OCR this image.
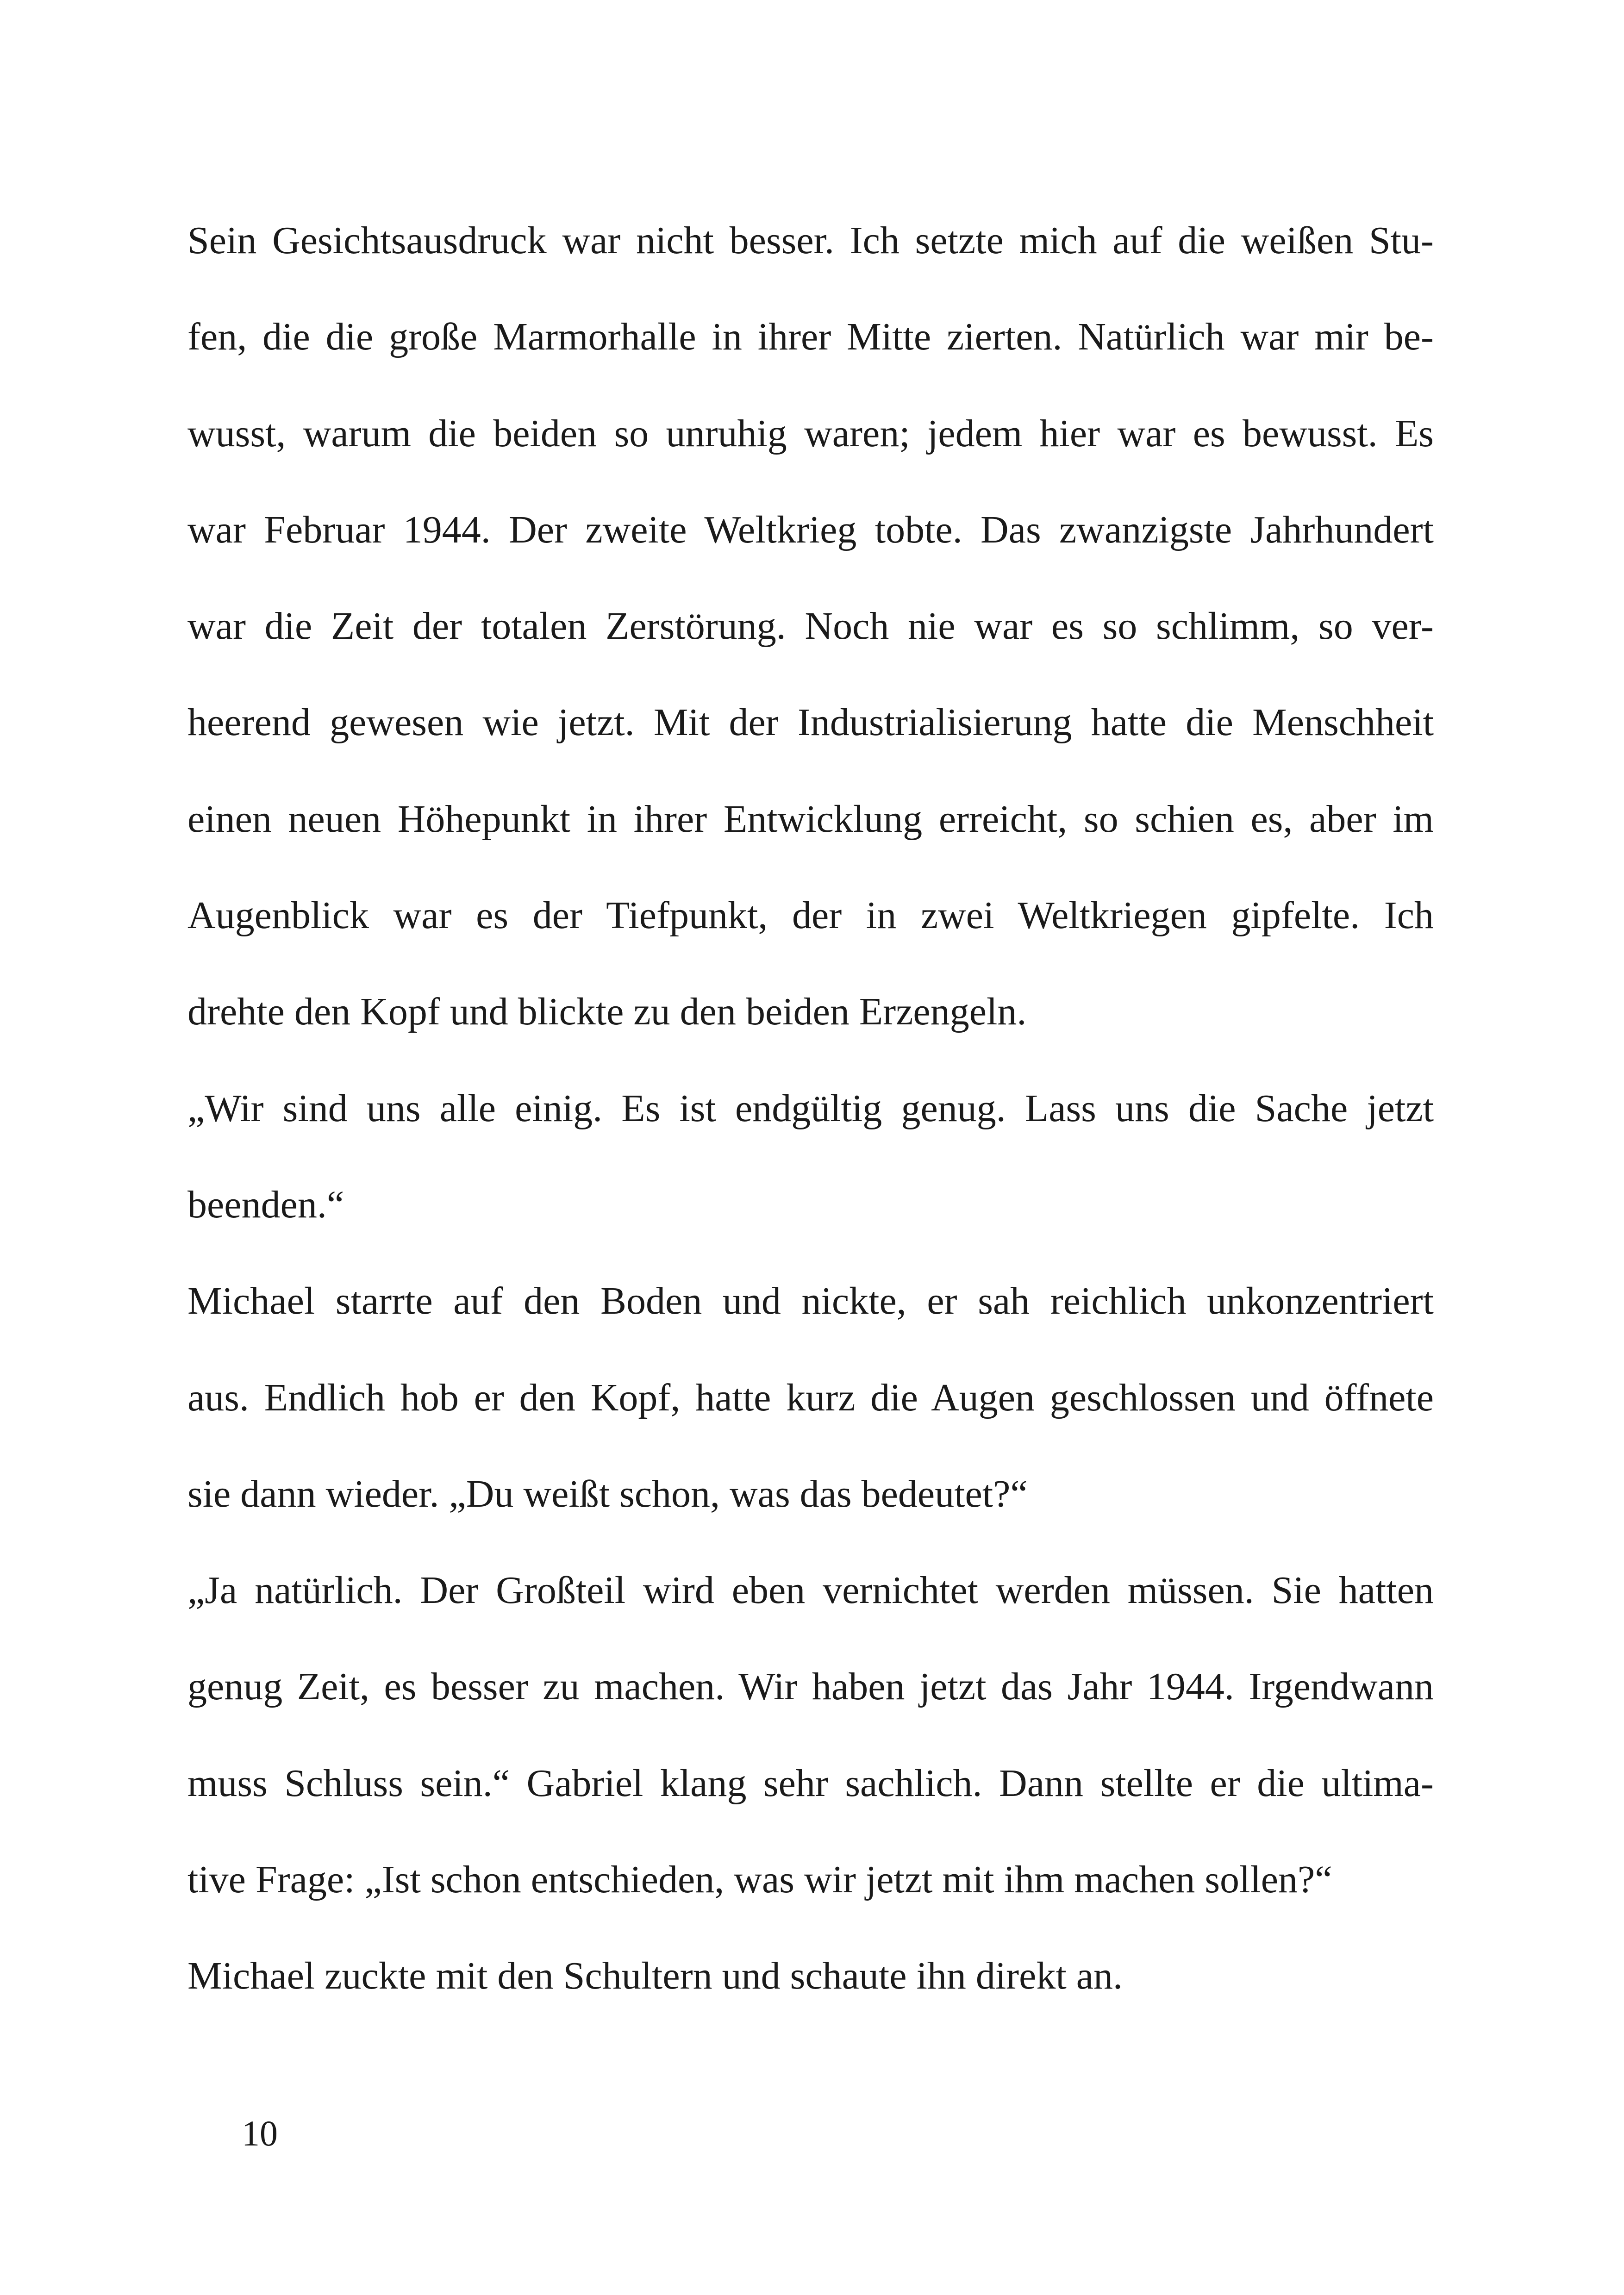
Sein Gesichtsausdruck war nicht besser. Ich setzte mich auf die weißen Stu-
fen, die die große Marmorhalle in ihrer Mitte zierten. Natürlich war mir be-
wusst, warum die beiden so unruhig waren; jedem hier war es bewusst. Es
war Februar 1944. Der zweite Weltkrieg tobte. Das zwanzigste Jahrhundert
war die Zeit der totalen Zerstörung. Noch nie war es so schlimm, so ver-
heerend gewesen wie jetzt. Mit der Industrialisierung hatte die Menschheit
einen neuen Höhepunkt in ihrer Entwicklung erreicht, so schien es, aber im
Augenblick war es der Tiefpunkt, der in zwei Weltkriegen gipfelte. Ich
drehte den Kopf und blickte zu den beiden Erzengeln.
„Wir sind uns alle einig. Es ist endgültig genug. Lass uns die Sache jetzt
beenden.“
Michael starrte auf den Boden und nickte, er sah reichlich unkonzentriert
aus. Endlich hob er den Kopf, hatte kurz die Augen geschlossen und öffnete
sie dann wieder. „Du weißt schon, was das bedeutet?“
„Ja natürlich. Der Großteil wird eben vernichtet werden müssen. Sie hatten
genug Zeit, es besser zu machen. Wir haben jetzt das Jahr 1944. Irgendwann
muss Schluss sein.“ Gabriel klang sehr sachlich. Dann stellte er die ultima-
tive Frage: „Ist schon entschieden, was wir jetzt mit ihm machen sollen?“
Michael zuckte mit den Schultern und schaute ihn direkt an.
10
